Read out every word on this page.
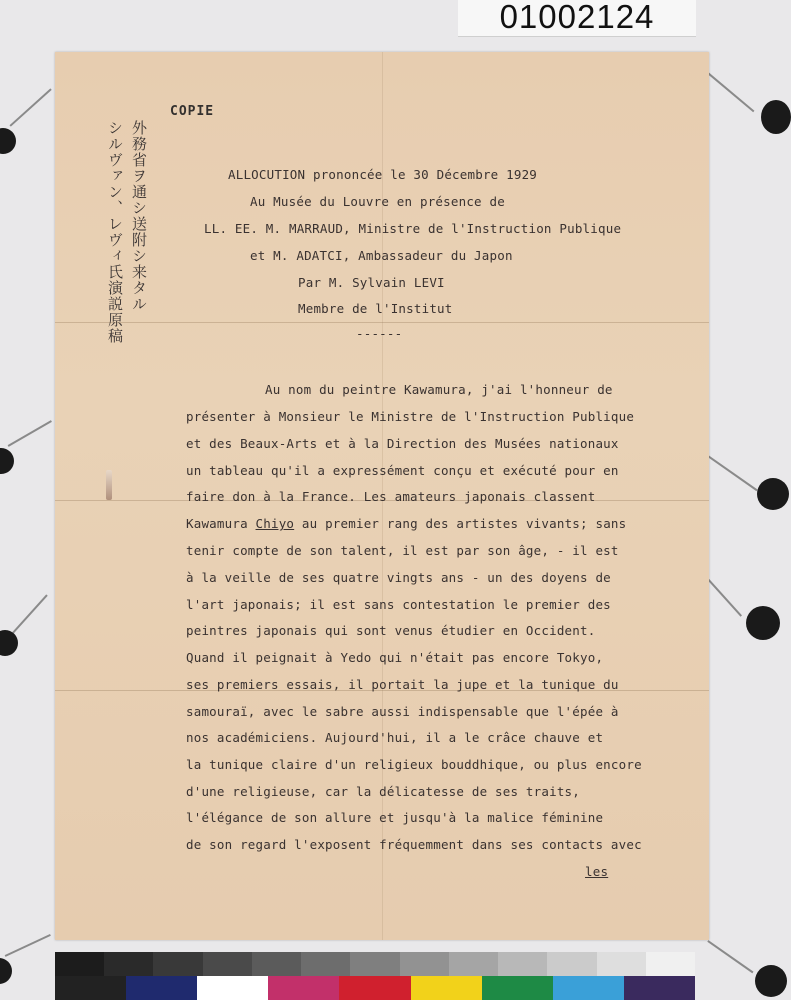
01002124
COPIE
外務省ヲ通シ送附シ来タル
シルヴァン、レヴィ氏演説原稿	ALLOCUTION prononcée le 30 Décembre 1929
Au Musée du Louvre en présence de
LL. EE. M. MARRAUD, Ministre de l'Instruction Publique
et M. ADATCI, Ambassadeur du Japon
Par M. Sylvain LEVI
Membre de l'Institut
------
Au nom du peintre Kawamura, j'ai l'honneur de
présenter à Monsieur le Ministre de l'Instruction Publique
et des Beaux-Arts et à la Direction des Musées nationaux
un tableau qu'il a expressément conçu et exécuté pour en
faire don à la France. Les amateurs japonais classent
Kawamura Chiyo au premier rang des artistes vivants; sans
tenir compte de son talent, il est par son âge, - il est
à la veille de ses quatre vingts ans - un des doyens de
l'art japonais; il est sans contestation le premier des
peintres japonais qui sont venus étudier en Occident.
Quand il peignait à Yedo qui n'était pas encore Tokyo,
ses premiers essais, il portait la jupe et la tunique du
samouraï, avec le sabre aussi indispensable que l'épée à
nos académiciens. Aujourd'hui, il a le crâce chauve et
la tunique claire d'un religieux bouddhique, ou plus encore
d'une religieuse, car la délicatesse de ses traits,
l'élégance de son allure et jusqu'à la malice féminine
de son regard l'exposent fréquemment dans ses contacts avec
les
